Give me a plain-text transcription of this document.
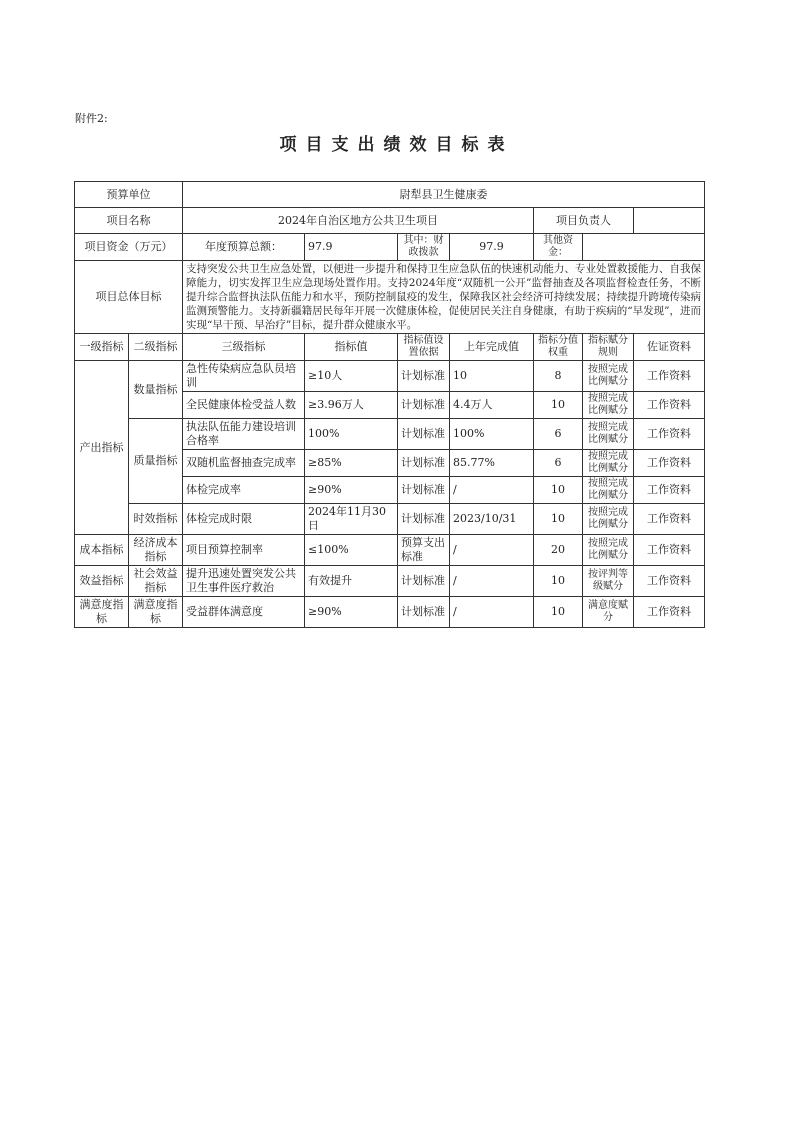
附件2:
项目支出绩效目标表
预算单位		尉犁县卫生健康委						
项目名称		2024年自治区地方公共卫生项目				项目负责人		
项目资金（万元）		年度预算总额：	97.9	其中：财政拨款	97.9	其他资金：		
项目总体目标		支持突发公共卫生应急处置，以便进一步提升和保持卫生应急队伍的快速机动能力、专业处置救援能力、自我保障能力，切实发挥卫生应急现场处置作用。支持2024年度“双随机一公开”监督抽查及各项监督检查任务，不断提升综合监督执法队伍能力和水平，预防控制鼠疫的发生，保障我区社会经济可持续发展；持续提升跨境传染病监测预警能力。支持新疆籍居民每年开展一次健康体检，促使居民关注自身健康，有助于疾病的“早发现”，进而实现“早干预、早治疗”目标，提升群众健康水平。						
一级指标	二级指标	三级指标	指标值	指标值设置依据	上年完成值	指标分值权重	指标赋分规则	佐证资料
产出指标	数量指标	急性传染病应急队员培训	≥10人	计划标准	10	8	按照完成比例赋分	工作资料
		全民健康体检受益人数	≥3.96万人	计划标准	4.4万人	10	按照完成比例赋分	工作资料
	质量指标	执法队伍能力建设培训合格率	100%	计划标准	100%	6	按照完成比例赋分	工作资料
		双随机监督抽查完成率	≥85%	计划标准	85.77%	6	按照完成比例赋分	工作资料
		体检完成率	≥90%	计划标准	/	10	按照完成比例赋分	工作资料
	时效指标	体检完成时限	2024年11月30日	计划标准	2023/10/31	10	按照完成比例赋分	工作资料
成本指标	经济成本指标	项目预算控制率	≤100%	预算支出标准	/	20	按照完成比例赋分	工作资料
效益指标	社会效益指标	提升迅速处置突发公共卫生事件医疗救治	有效提升	计划标准	/	10	按评判等级赋分	工作资料
满意度指标	满意度指标	受益群体满意度	≥90%	计划标准	/	10	满意度赋分	工作资料
